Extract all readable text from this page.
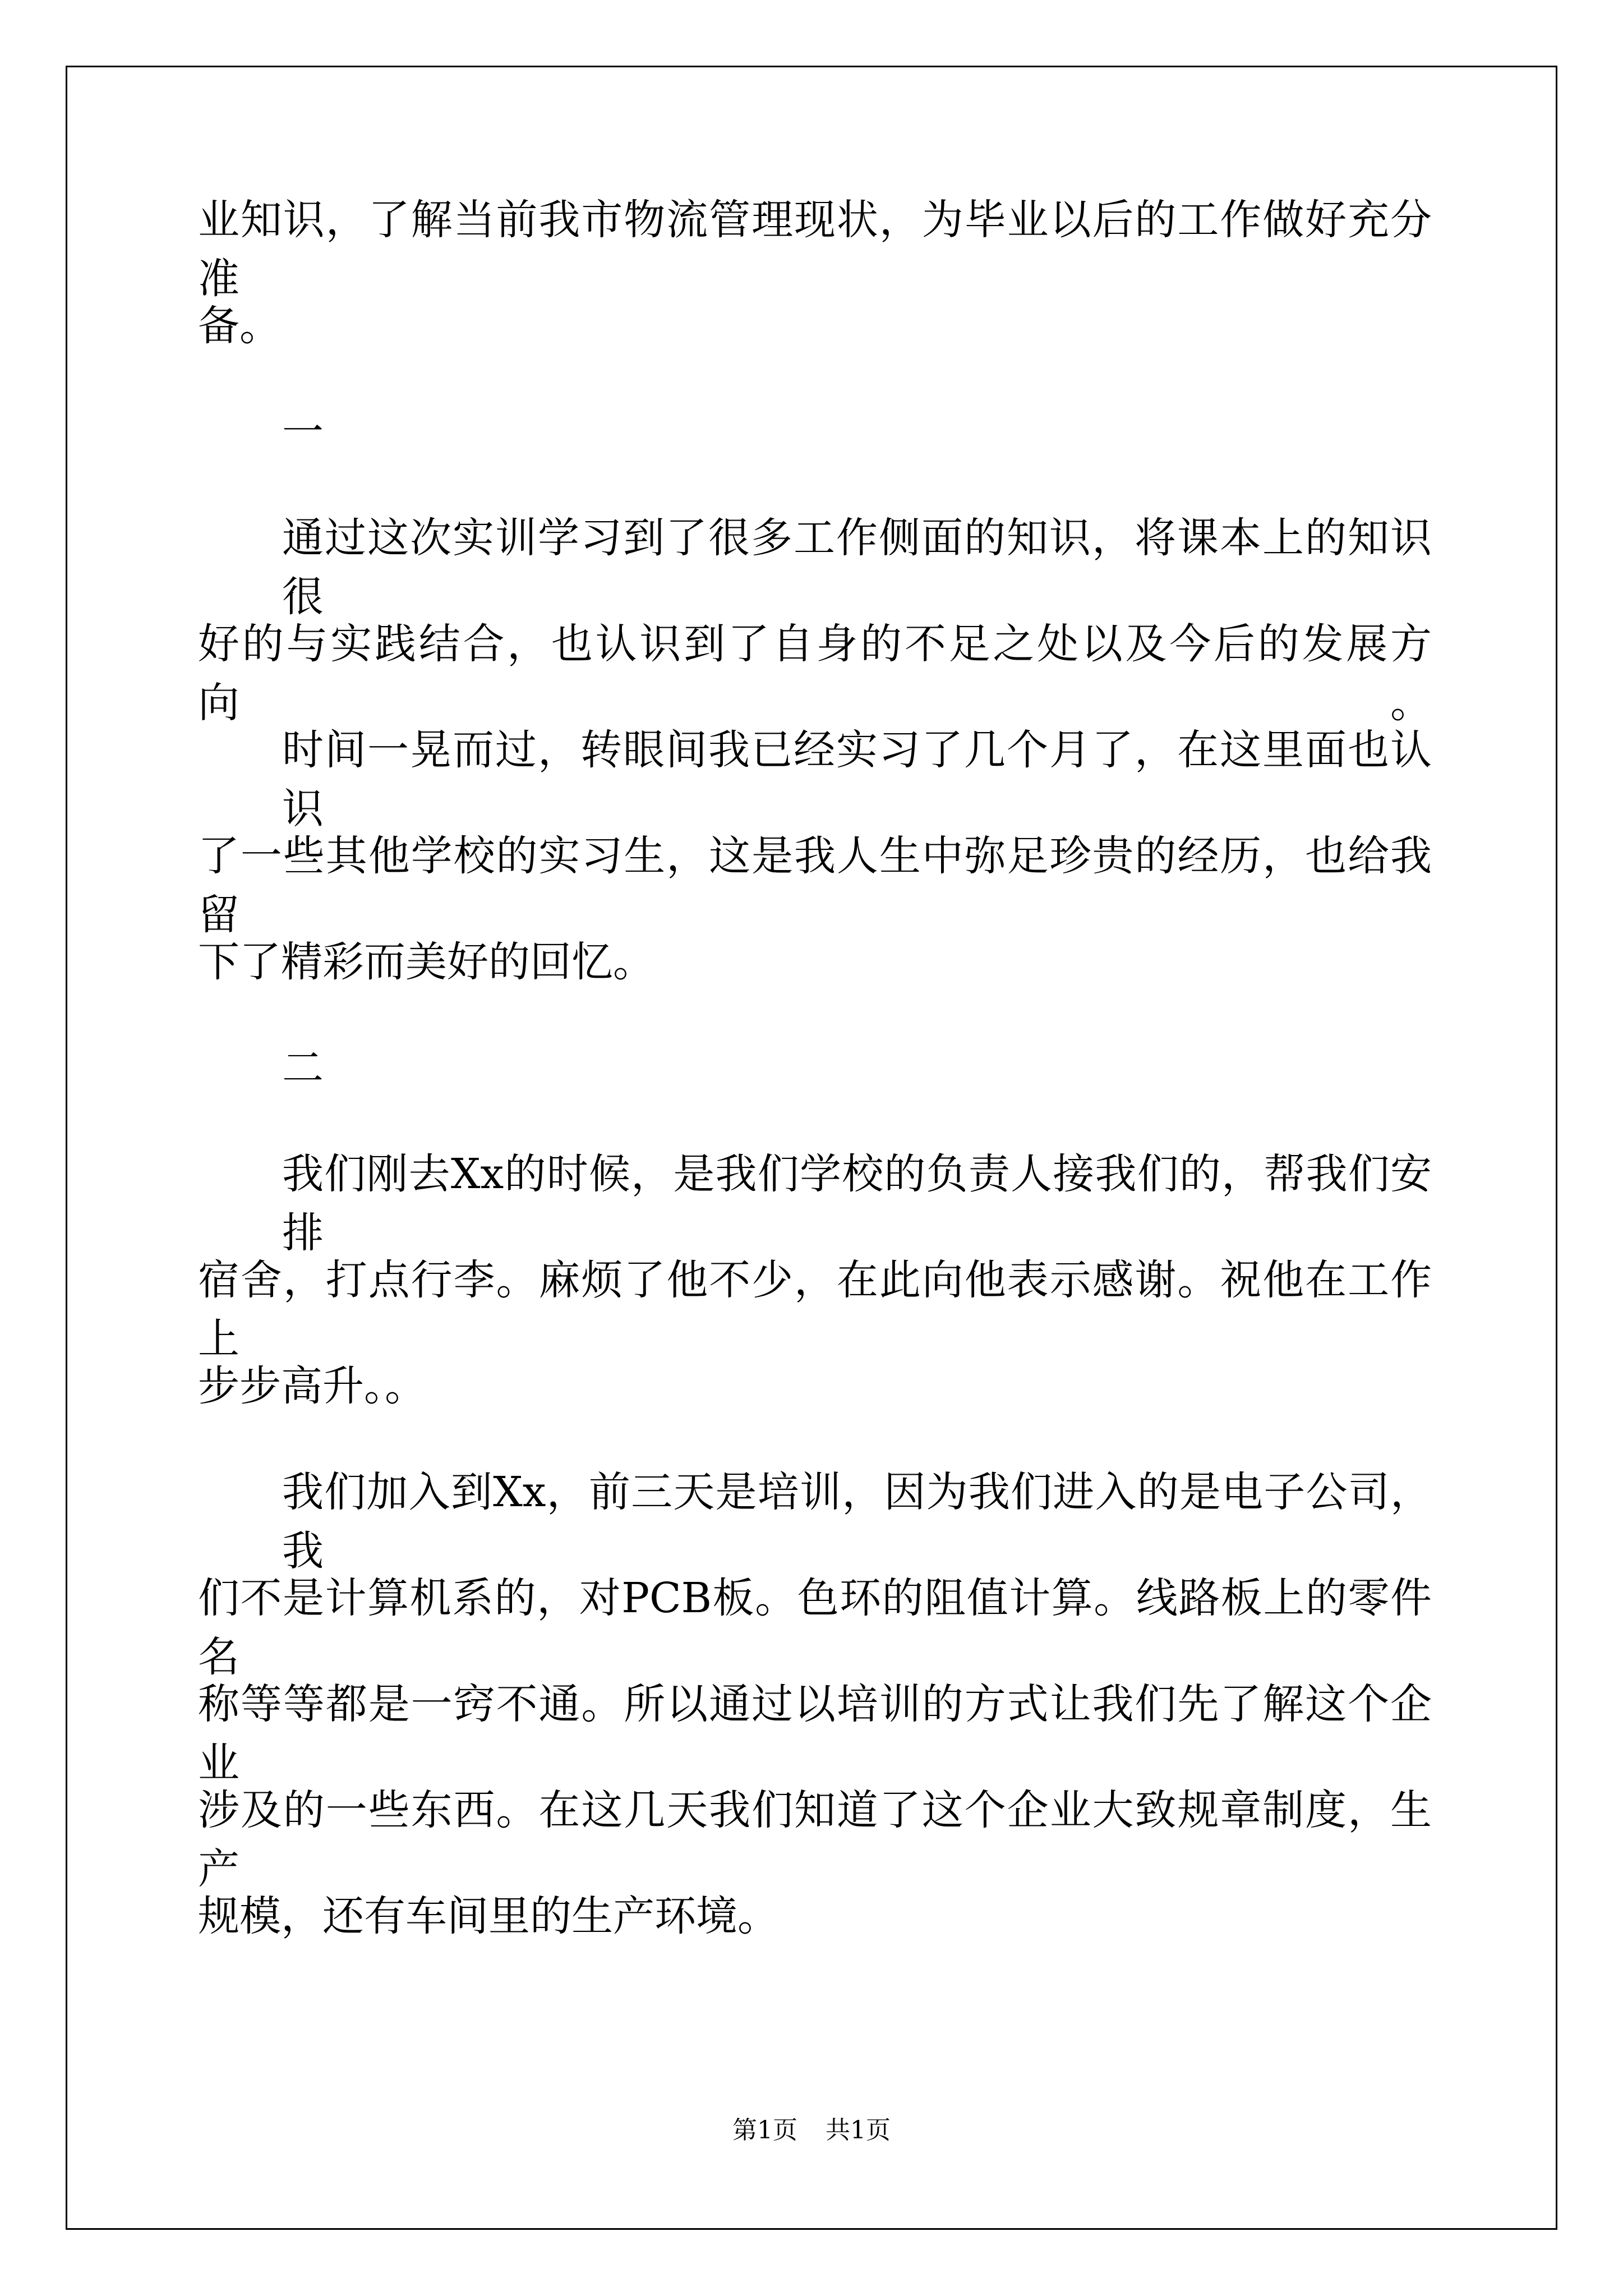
业知识，了解当前我市物流管理现状，为毕业以后的工作做好充分准
备。
一
通过这次实训学习到了很多工作侧面的知识，将课本上的知识很
好的与实践结合，也认识到了自身的不足之处以及今后的发展方向。
时间一晃而过，转眼间我已经实习了几个月了，在这里面也认识
了一些其他学校的实习生，这是我人生中弥足珍贵的经历，也给我留
下了精彩而美好的回忆。
二
我们刚去Xx的时候，是我们学校的负责人接我们的，帮我们安排
宿舍，打点行李。麻烦了他不少，在此向他表示感谢。祝他在工作上
步步高升。。
我们加入到Xx，前三天是培训，因为我们进入的是电子公司，我
们不是计算机系的，对PCB板。色环的阻值计算。线路板上的零件名
称等等都是一窍不通。所以通过以培训的方式让我们先了解这个企业
涉及的一些东西。在这几天我们知道了这个企业大致规章制度，生产
规模，还有车间里的生产环境。
第1页 共1页
